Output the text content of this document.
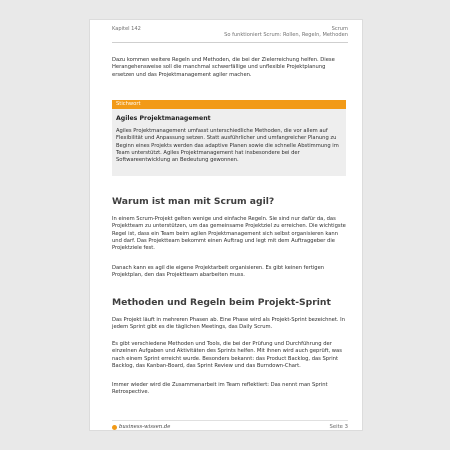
Kapitel 142	Scrum
So funktioniert Scrum: Rollen, Regeln, Methoden

Dazu kommen weitere Regeln und Methoden, die bei der Zielerreichung helfen. Diese Herangehensweise soll die manchmal schwerfällige und unflexible Projektplanung ersetzen und das Projektmanagement agiler machen.

Stichwort
Agiles Projektmanagement

Agiles Projektmanagement umfasst unterschiedliche Methoden, die vor allem auf Flexibilität und Anpassung setzen. Statt ausführlicher und umfangreicher Planung zu Beginn eines Projekts werden das adaptive Planen sowie die schnelle Abstimmung im Team unterstützt. Agiles Projektmanagement hat insbesondere bei der Softwareentwicklung an Bedeutung gewonnen.

Warum ist man mit Scrum agil?

In einem Scrum-Projekt gelten wenige und einfache Regeln. Sie sind nur dafür da, das Projektteam zu unterstützen, um das gemeinsame Projektziel zu erreichen. Die wichtigste Regel ist, dass ein Team beim agilen Projektmanagement sich selbst organisieren kann und darf. Das Projektteam bekommt einen Auftrag und legt mit dem Auftraggeber die Projektziele fest.

Danach kann es agil die eigene Projektarbeit organisieren. Es gibt keinen fertigen Projektplan, den das Projektteam abarbeiten muss.

Methoden und Regeln beim Projekt-Sprint

Das Projekt läuft in mehreren Phasen ab. Eine Phase wird als Projekt-Sprint bezeichnet. In jedem Sprint gibt es die täglichen Meetings, das Daily Scrum.

Es gibt verschiedene Methoden und Tools, die bei der Prüfung und Durchführung der einzelnen Aufgaben und Aktivitäten des Sprints helfen. Mit ihnen wird auch geprüft, was nach einem Sprint erreicht wurde. Besonders bekannt: das Product Backlog, das Sprint Backlog, das Kanban-Board, das Sprint Review und das Burndown-Chart.

Immer wieder wird die Zusammenarbeit im Team reflektiert: Das nennt man Sprint Retrospective.

business-wissen.de	Seite 3
